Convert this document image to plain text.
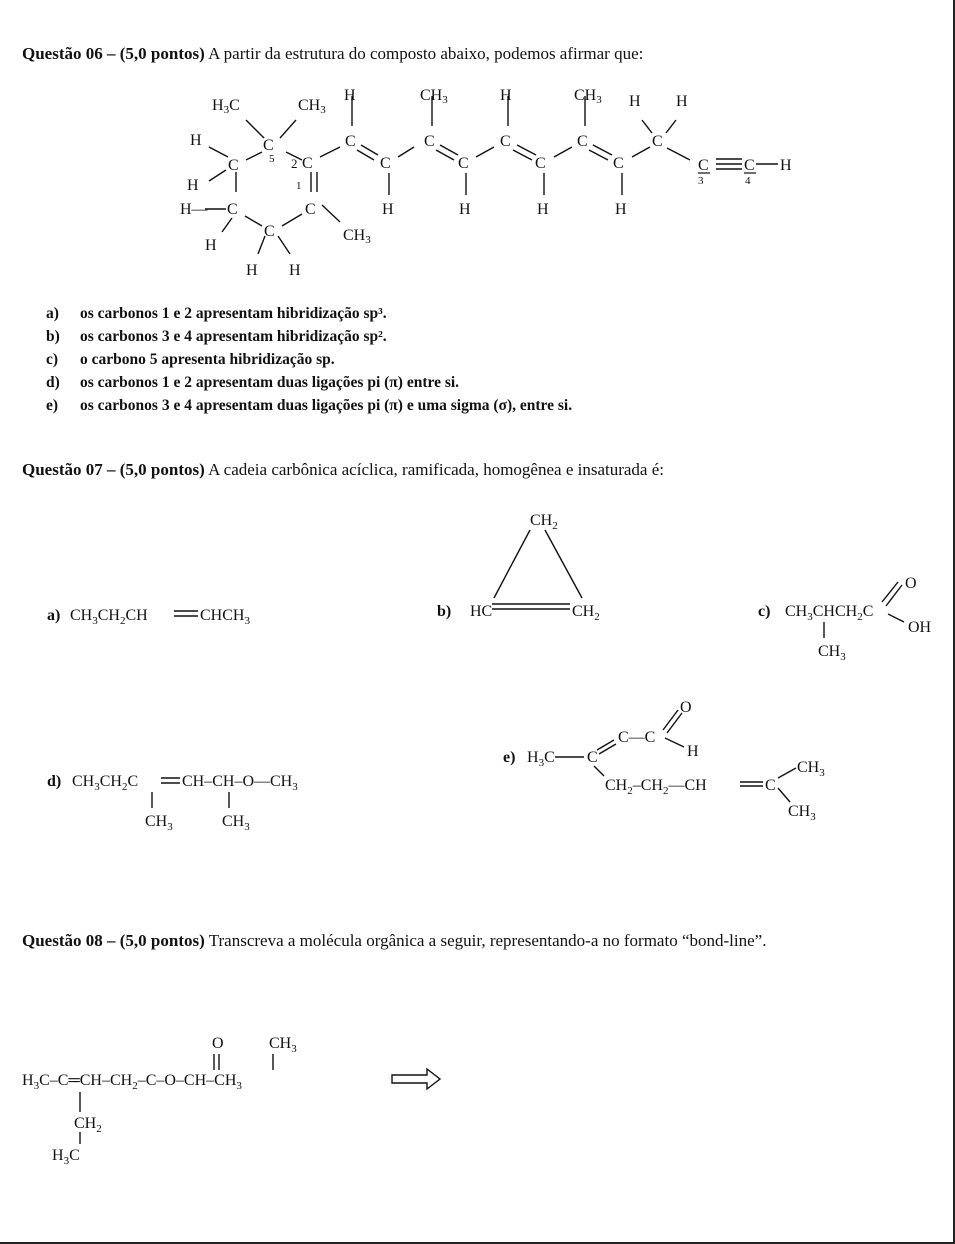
Questão 06 – (5,0 pontos) A partir da estrutura do composto abaixo, podemos afirmar que:
H3C	CH3
H	C
5
C
H
H— C
2 C
1
C
H
C
H H
CH3
H
C
C
H
CH3
C
C
H
H
C
C
H
CH3
C
C
H
H H
C
C
3
C
4
H
a) os carbonos 1 e 2 apresentam hibridização sp³.
b) os carbonos 3 e 4 apresentam hibridização sp².
c) o carbono 5 apresenta hibridização sp.
d) os carbonos 1 e 2 apresentam duas ligações pi (π) entre si.
e) os carbonos 3 e 4 apresentam duas ligações pi (π) e uma sigma (σ), entre si.
Questão 07 – (5,0 pontos) A cadeia carbônica acíclica, ramificada, homogênea e insaturada é:
a) $CH_3CH_2CH$	$CHCH_3$
b)
$CH_2$
HC	$CH_2$	c) $CH_3CHCH_2C$
$CH_3$
O
OH
d) $CH_3CH_2C$	$CH-CH-O—CH_3$
$CH_3$	$CH_3$
e) $H_3C$ C
C—C
O
H
$CH_2-CH_2—CH$	C
$CH_3$
$CH_3$
Questão 08 – (5,0 pontos) Transcreva a molécula orgânica a seguir, representando-a no formato “bond-line”.
$H_3C-C═CH-CH_2-C-O-CH-CH_3$
O	$CH_3$
$CH_2$
$H_3C$
